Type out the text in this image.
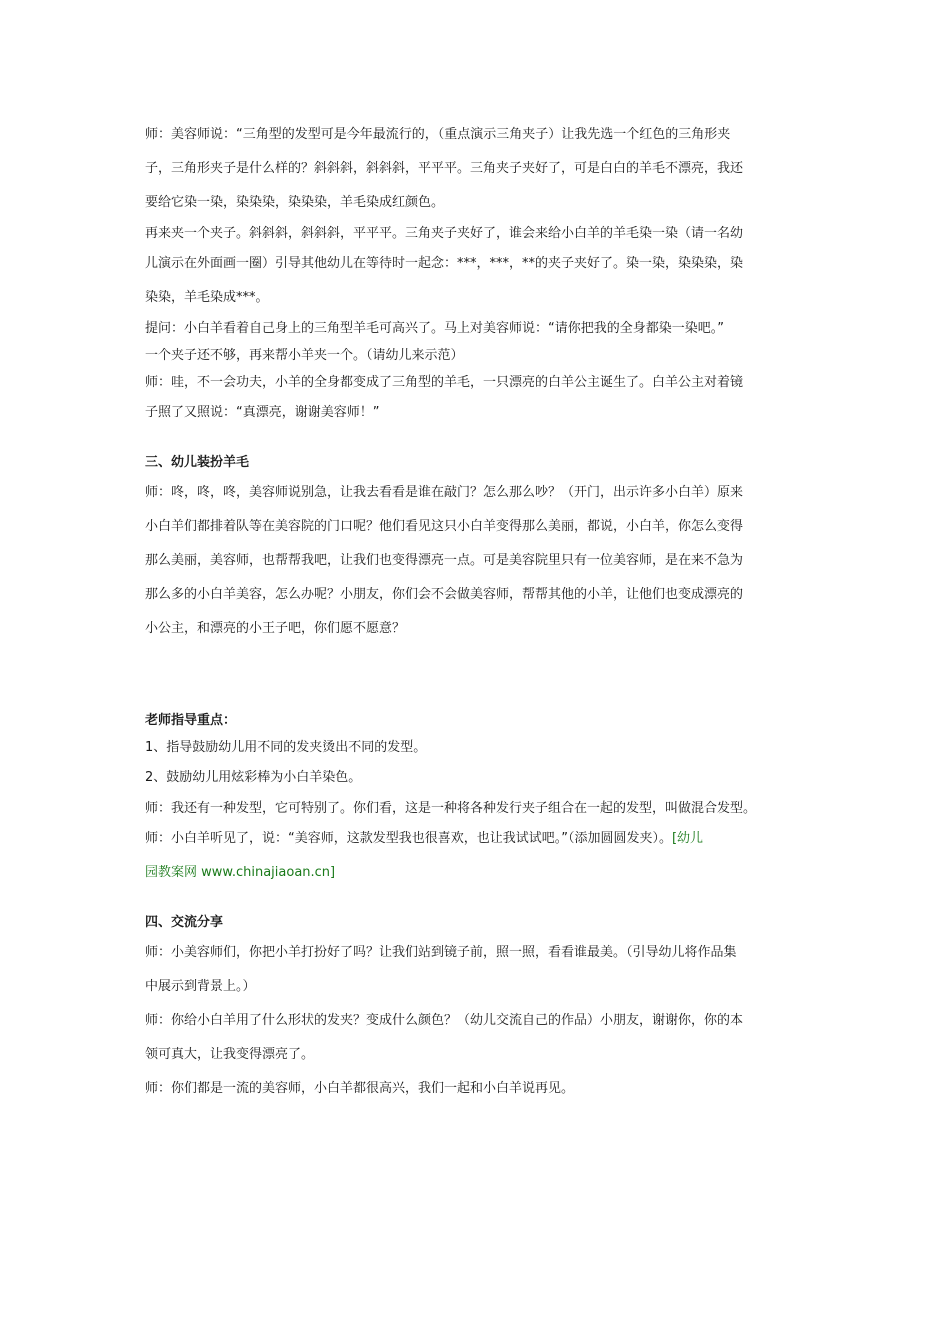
师：美容师说：“三角型的发型可是今年最流行的，（重点演示三角夹子）让我先选一个红色的三角形夹
子，三角形夹子是什么样的？斜斜斜，斜斜斜，平平平。三角夹子夹好了，可是白白的羊毛不漂亮，我还
要给它染一染，染染染，染染染，羊毛染成红颜色。
再来夹一个夹子。斜斜斜，斜斜斜，平平平。三角夹子夹好了，谁会来给小白羊的羊毛染一染（请一名幼
儿演示在外面画一圈）引导其他幼儿在等待时一起念：***，***，**的夹子夹好了。染一染，染染染，染
染染，羊毛染成***。
提问：小白羊看着自己身上的三角型羊毛可高兴了。马上对美容师说：“请你把我的全身都染一染吧。”
一个夹子还不够，再来帮小羊夹一个。（请幼儿来示范）
师：哇，不一会功夫，小羊的全身都变成了三角型的羊毛，一只漂亮的白羊公主诞生了。白羊公主对着镜
子照了又照说：“真漂亮，谢谢美容师！”
三、幼儿装扮羊毛
师：咚，咚，咚，美容师说别急，让我去看看是谁在敲门？怎么那么吵？（开门，出示许多小白羊）原来
小白羊们都排着队等在美容院的门口呢？他们看见这只小白羊变得那么美丽，都说，小白羊，你怎么变得
那么美丽，美容师，也帮帮我吧，让我们也变得漂亮一点。可是美容院里只有一位美容师，是在来不急为
那么多的小白羊美容，怎么办呢？小朋友，你们会不会做美容师，帮帮其他的小羊，让他们也变成漂亮的
小公主，和漂亮的小王子吧，你们愿不愿意？
老师指导重点：
1、指导鼓励幼儿用不同的发夹烫出不同的发型。
2、鼓励幼儿用炫彩棒为小白羊染色。
师：我还有一种发型，它可特别了。你们看，这是一种将各种发行夹子组合在一起的发型，叫做混合发型。
师：小白羊听见了，说：“美容师，这款发型我也很喜欢，也让我试试吧。”（添加圆圆发夹）。[幼儿
园教案网 www.chinajiaoan.cn]
四、交流分享
师：小美容师们，你把小羊打扮好了吗？让我们站到镜子前，照一照，看看谁最美。（引导幼儿将作品集
中展示到背景上。）
师：你给小白羊用了什么形状的发夹？变成什么颜色？（幼儿交流自己的作品）小朋友，谢谢你，你的本
领可真大，让我变得漂亮了。
师：你们都是一流的美容师，小白羊都很高兴，我们一起和小白羊说再见。
